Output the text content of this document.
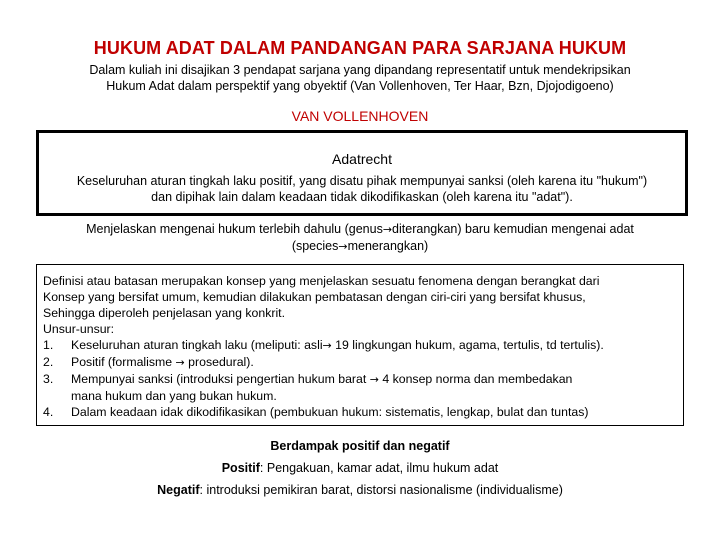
HUKUM ADAT DALAM PANDANGAN PARA SARJANA HUKUM
Dalam kuliah ini disajikan 3 pendapat sarjana yang dipandang representatif untuk mendekripsikan
Hukum Adat dalam perspektif yang obyektif (Van Vollenhoven, Ter Haar, Bzn, Djojodigoeno)
VAN VOLLENHOVEN
Adatrecht
Keseluruhan aturan tingkah laku positif, yang disatu pihak mempunyai sanksi (oleh karena itu "hukum")
dan dipihak lain dalam keadaan tidak dikodifikaskan (oleh karena itu "adat").
Menjelaskan mengenai hukum terlebih dahulu (genus→diterangkan) baru kemudian mengenai adat
(species→menerangkan)
Definisi atau batasan merupakan konsep yang menjelaskan sesuatu fenomena dengan berangkat dari
Konsep yang bersifat umum, kemudian dilakukan pembatasan dengan ciri-ciri yang bersifat khusus,
Sehingga diperoleh penjelasan yang konkrit.
Unsur-unsur:
1. Keseluruhan aturan tingkah laku (meliputi: asli→ 19 lingkungan hukum, agama, tertulis, td tertulis).
2. Positif (formalisme → prosedural).
3. Mempunyai sanksi (introduksi pengertian hukum barat → 4 konsep norma dan membedakan
mana hukum dan yang bukan hukum.
4. Dalam keadaan idak dikodifikasikan (pembukuan hukum: sistematis, lengkap, bulat dan tuntas)
Berdampak positif dan negatif
Positif: Pengakuan, kamar adat, ilmu hukum adat
Negatif: introduksi pemikiran barat, distorsi nasionalisme (individualisme)
